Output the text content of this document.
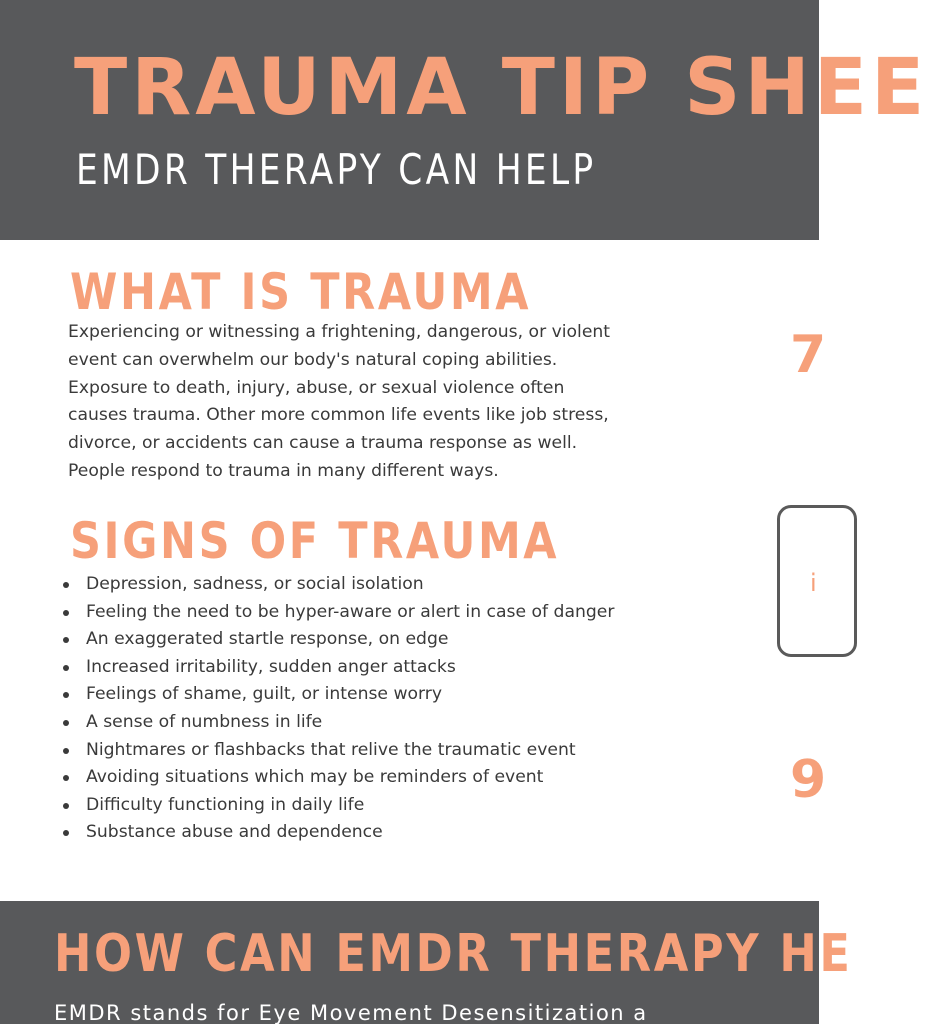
TRAUMA TIP SHEE
EMDR THERAPY CAN HELP
WHAT IS TRAUMA

Experiencing or witnessing a frightening, dangerous, or violent
event can overwhelm our body's natural coping abilities.
Exposure to death, injury, abuse, or sexual violence often
causes trauma. Other more common life events like job stress,
divorce, or accidents can cause a trauma response as well.
People respond to trauma in many different ways.

SIGNS OF TRAUMA
Depression, sadness, or social isolation
Feeling the need to be hyper-aware or alert in case of danger
An exaggerated startle response, on edge
Increased irritability, sudden anger attacks
Feelings of shame, guilt, or intense worry
A sense of numbness in life
Nightmares or flashbacks that relive the traumatic event
Avoiding situations which may be reminders of event
Difficulty functioning in daily life
Substance abuse and dependence
7
i
9
HOW CAN EMDR THERAPY HE

EMDR stands for Eye Movement Desensitization a
